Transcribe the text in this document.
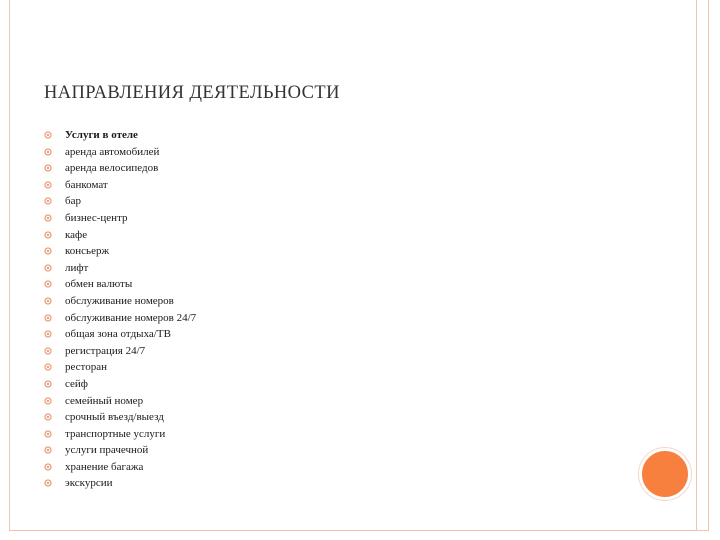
НАПРАВЛЕНИЯ ДЕЯТЕЛЬНОСТИ
Услуги в отеле
аренда автомобилей
аренда велосипедов
банкомат
бар
бизнес-центр
кафе
консьерж
лифт
обмен валюты
обслуживание номеров
обслуживание номеров 24/7
общая зона отдыха/ТВ
регистрация 24/7
ресторан
сейф
семейный номер
срочный въезд/выезд
транспортные услуги
услуги прачечной
хранение багажа
экскурсии
